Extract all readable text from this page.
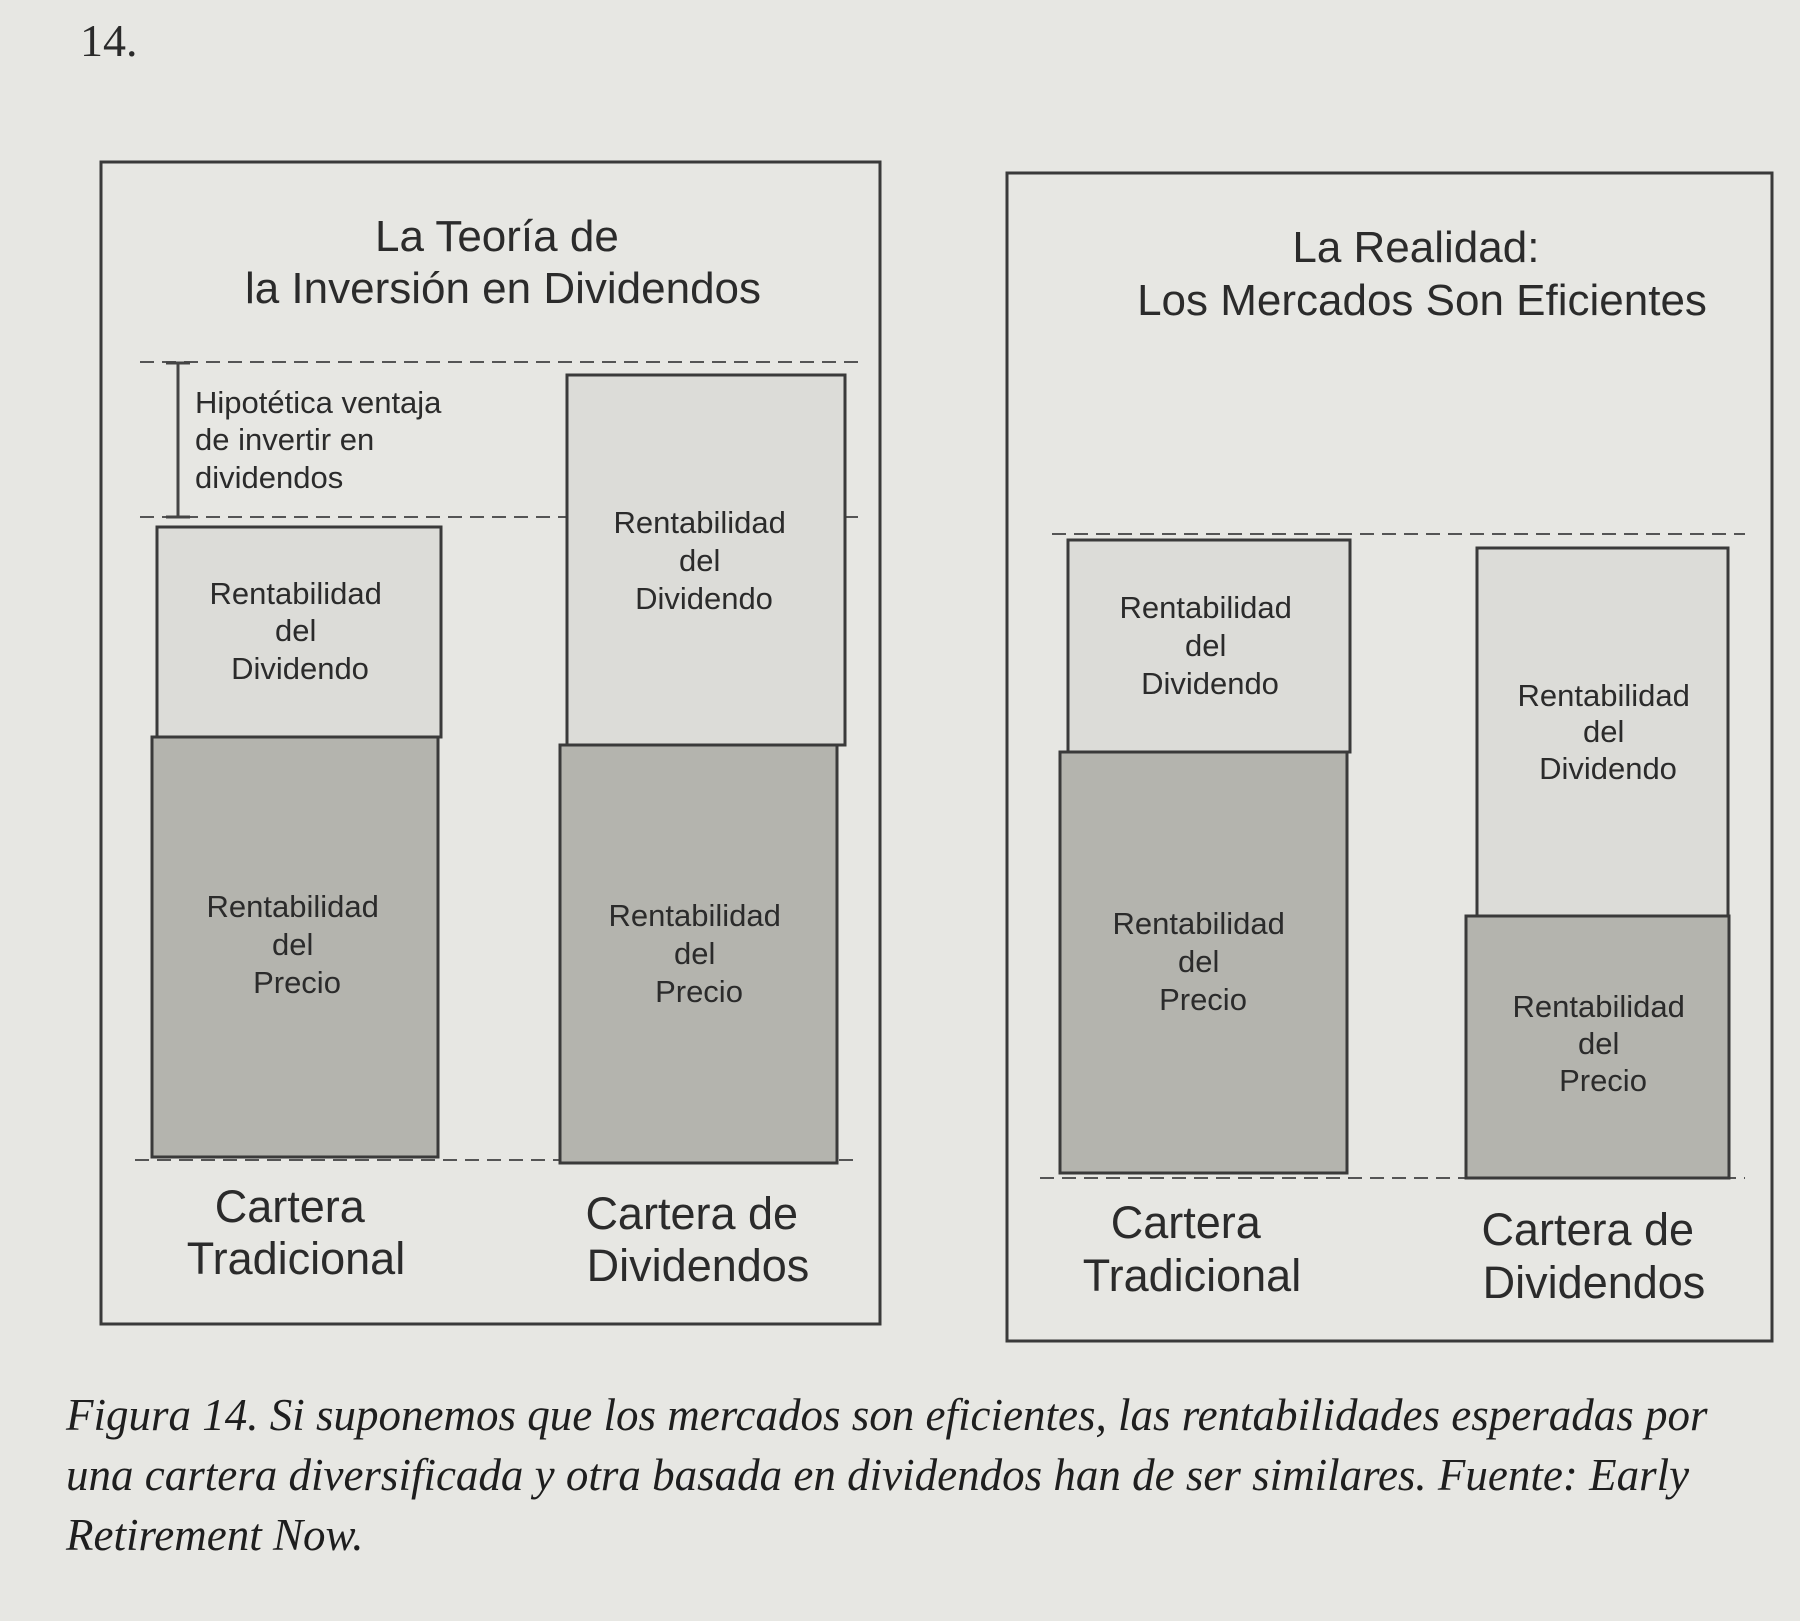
14.
La Teoría de la Inversión en Dividendos
Hipotética ventaja de invertir en dividendos
Rentabilidad del Dividendo
Rentabilidad del Precio
Rentabilidad del Dividendo
Rentabilidad del Precio
Cartera Tradicional
Cartera de Dividendos
La Realidad: Los Mercados Son Eficientes
Rentabilidad del Dividendo
Rentabilidad del Precio
Rentabilidad del Dividendo
Rentabilidad del Precio
Cartera Tradicional
Cartera de Dividendos
Figura 14. Si suponemos que los mercados son eficientes, las rentabilidades esperadas por una cartera diversificada y otra basada en dividendos han de ser similares. Fuente: Early Retirement Now.
